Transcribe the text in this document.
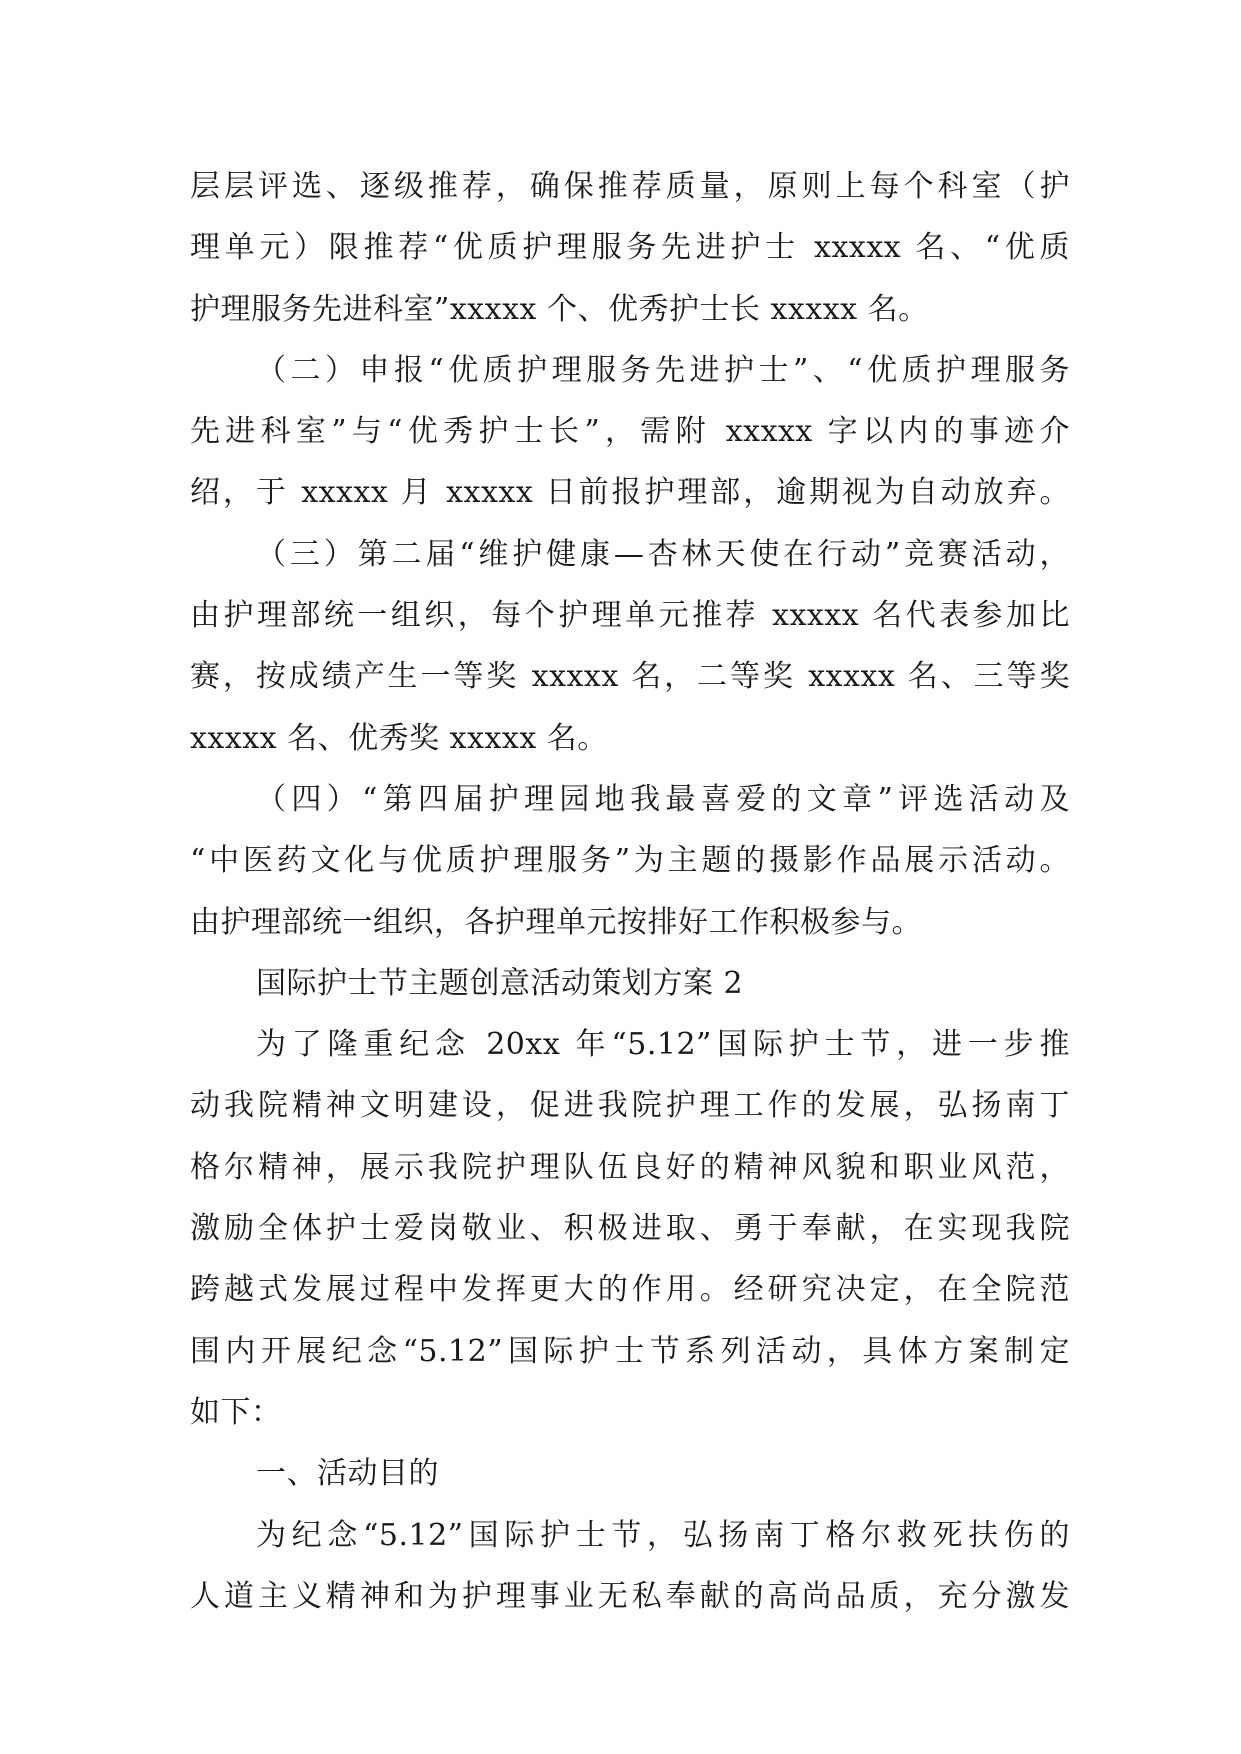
层层评选、逐级推荐，确保推荐质量，原则上每个科室（护
理单元）限推荐“优质护理服务先进护士 xxxxx 名、“优质
护理服务先进科室”xxxxx 个、优秀护士长 xxxxx 名。
（二）申报“优质护理服务先进护士”、“优质护理服务
先进科室”与“优秀护士长”，需附 xxxxx 字以内的事迹介
绍，于 xxxxx 月 xxxxx 日前报护理部，逾期视为自动放弃。
（三）第二届“维护健康—杏林天使在行动”竞赛活动，
由护理部统一组织，每个护理单元推荐 xxxxx 名代表参加比
赛，按成绩产生一等奖 xxxxx 名，二等奖 xxxxx 名、三等奖
xxxxx 名、优秀奖 xxxxx 名。
（四）“第四届护理园地我最喜爱的文章”评选活动及
“中医药文化与优质护理服务”为主题的摄影作品展示活动。
由护理部统一组织，各护理单元按排好工作积极参与。
国际护士节主题创意活动策划方案 2
为了隆重纪念 20xx 年“5.12”国际护士节，进一步推
动我院精神文明建设，促进我院护理工作的发展，弘扬南丁
格尔精神，展示我院护理队伍良好的精神风貌和职业风范，
激励全体护士爱岗敬业、积极进取、勇于奉献，在实现我院
跨越式发展过程中发挥更大的作用。经研究决定，在全院范
围内开展纪念“5.12”国际护士节系列活动，具体方案制定
如下：
一、活动目的
为纪念“5.12”国际护士节，弘扬南丁格尔救死扶伤的
人道主义精神和为护理事业无私奉献的高尚品质，充分激发
